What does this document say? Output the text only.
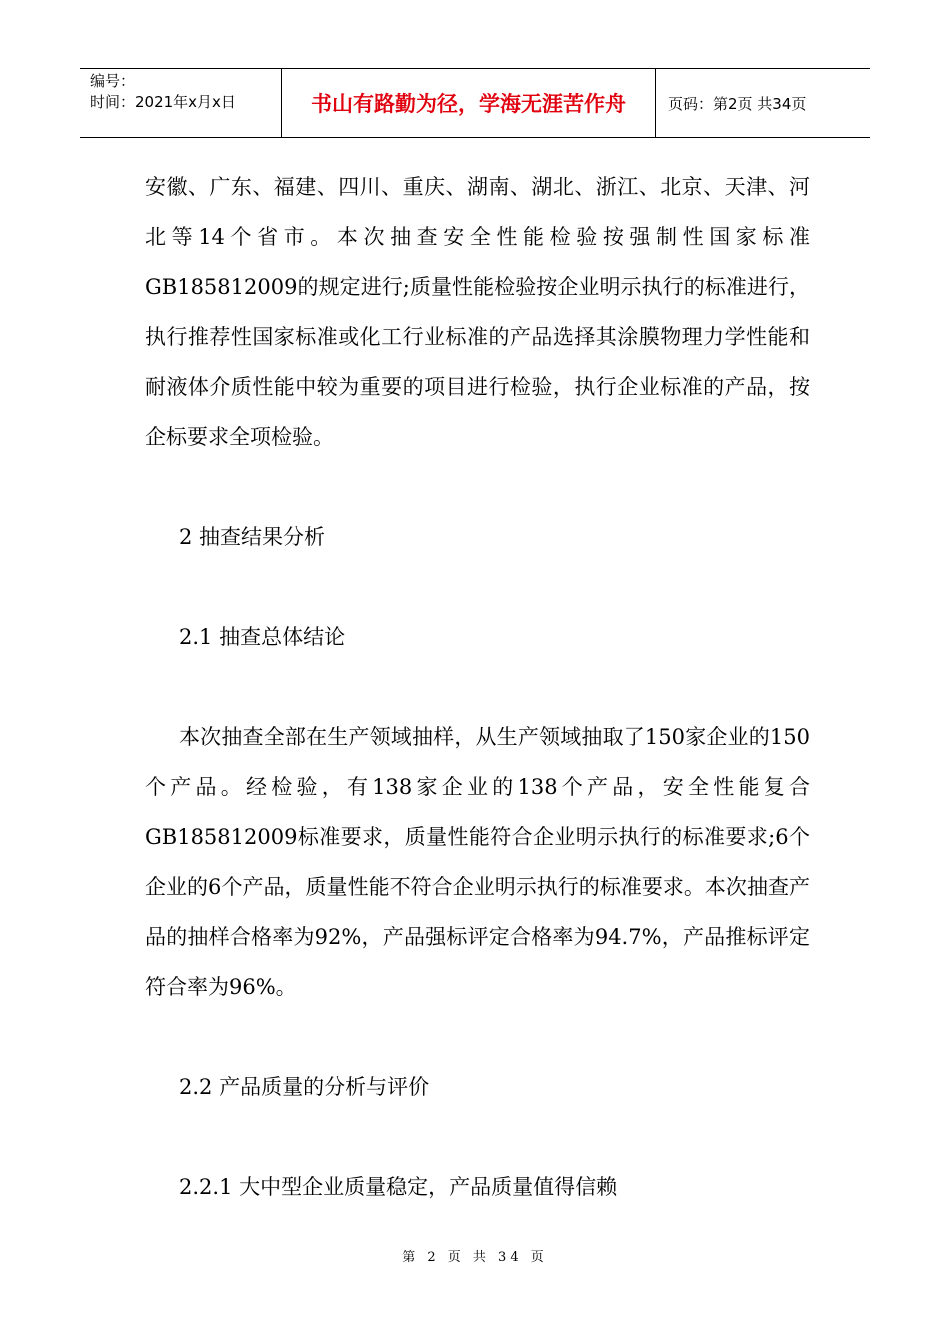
编号：
时间：2021年x月x日	书山有路勤为径，学海无涯苦作舟	页码：第2页 共34页

安徽、广东、福建、四川、重庆、湖南、湖北、浙江、北京、天津、河北等14个省市。本次抽查安全性能检验按强制性国家标准GB185812009的规定进行;质量性能检验按企业明示执行的标准进行，执行推荐性国家标准或化工行业标准的产品选择其涂膜物理力学性能和耐液体介质性能中较为重要的项目进行检验，执行企业标准的产品，按企标要求全项检验。

2 抽查结果分析

2.1 抽查总体结论

本次抽查全部在生产领域抽样，从生产领域抽取了150家企业的150个产品。经检验，有138家企业的138个产品，安全性能复合GB185812009标准要求，质量性能符合企业明示执行的标准要求;6个企业的6个产品，质量性能不符合企业明示执行的标准要求。本次抽查产品的抽样合格率为92%，产品强标评定合格率为94.7%，产品推标评定符合率为96%。

2.2 产品质量的分析与评价

2.2.1 大中型企业质量稳定，产品质量值得信赖

第 2 页 共 34 页
